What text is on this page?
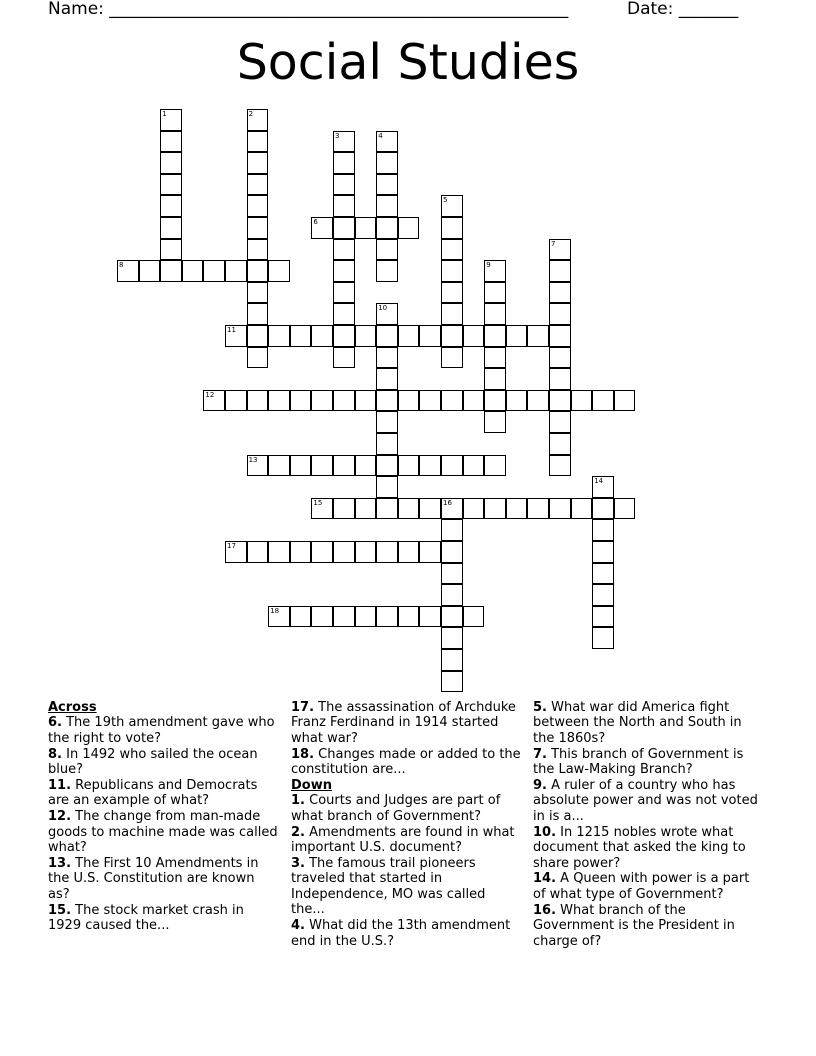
Name: ______________________________________________________	Date: _______
Social Studies
1	2
3	4
5
6
7
8	9
10
11
12
13
14
15	16
17
18
Across
6. The 19th amendment gave who the right to vote?
8. In 1492 who sailed the ocean blue?
11. Republicans and Democrats are an example of what?
12. The change from man-made goods to machine made was called what?
13. The First 10 Amendments in the U.S. Constitution are known as?
15. The stock market crash in 1929 caused the...
17. The assassination of Archduke Franz Ferdinand in 1914 started what war?
18. Changes made or added to the constitution are...
Down
1. Courts and Judges are part of what branch of Government?
2. Amendments are found in what important U.S. document?
3. The famous trail pioneers traveled that started in Independence, MO was called the...
4. What did the 13th amendment end in the U.S.?
5. What war did America fight between the North and South in the 1860s?
7. This branch of Government is the Law-Making Branch?
9. A ruler of a country who has absolute power and was not voted in is a...
10. In 1215 nobles wrote what document that asked the king to share power?
14. A Queen with power is a part of what type of Government?
16. What branch of the Government is the President in charge of?
